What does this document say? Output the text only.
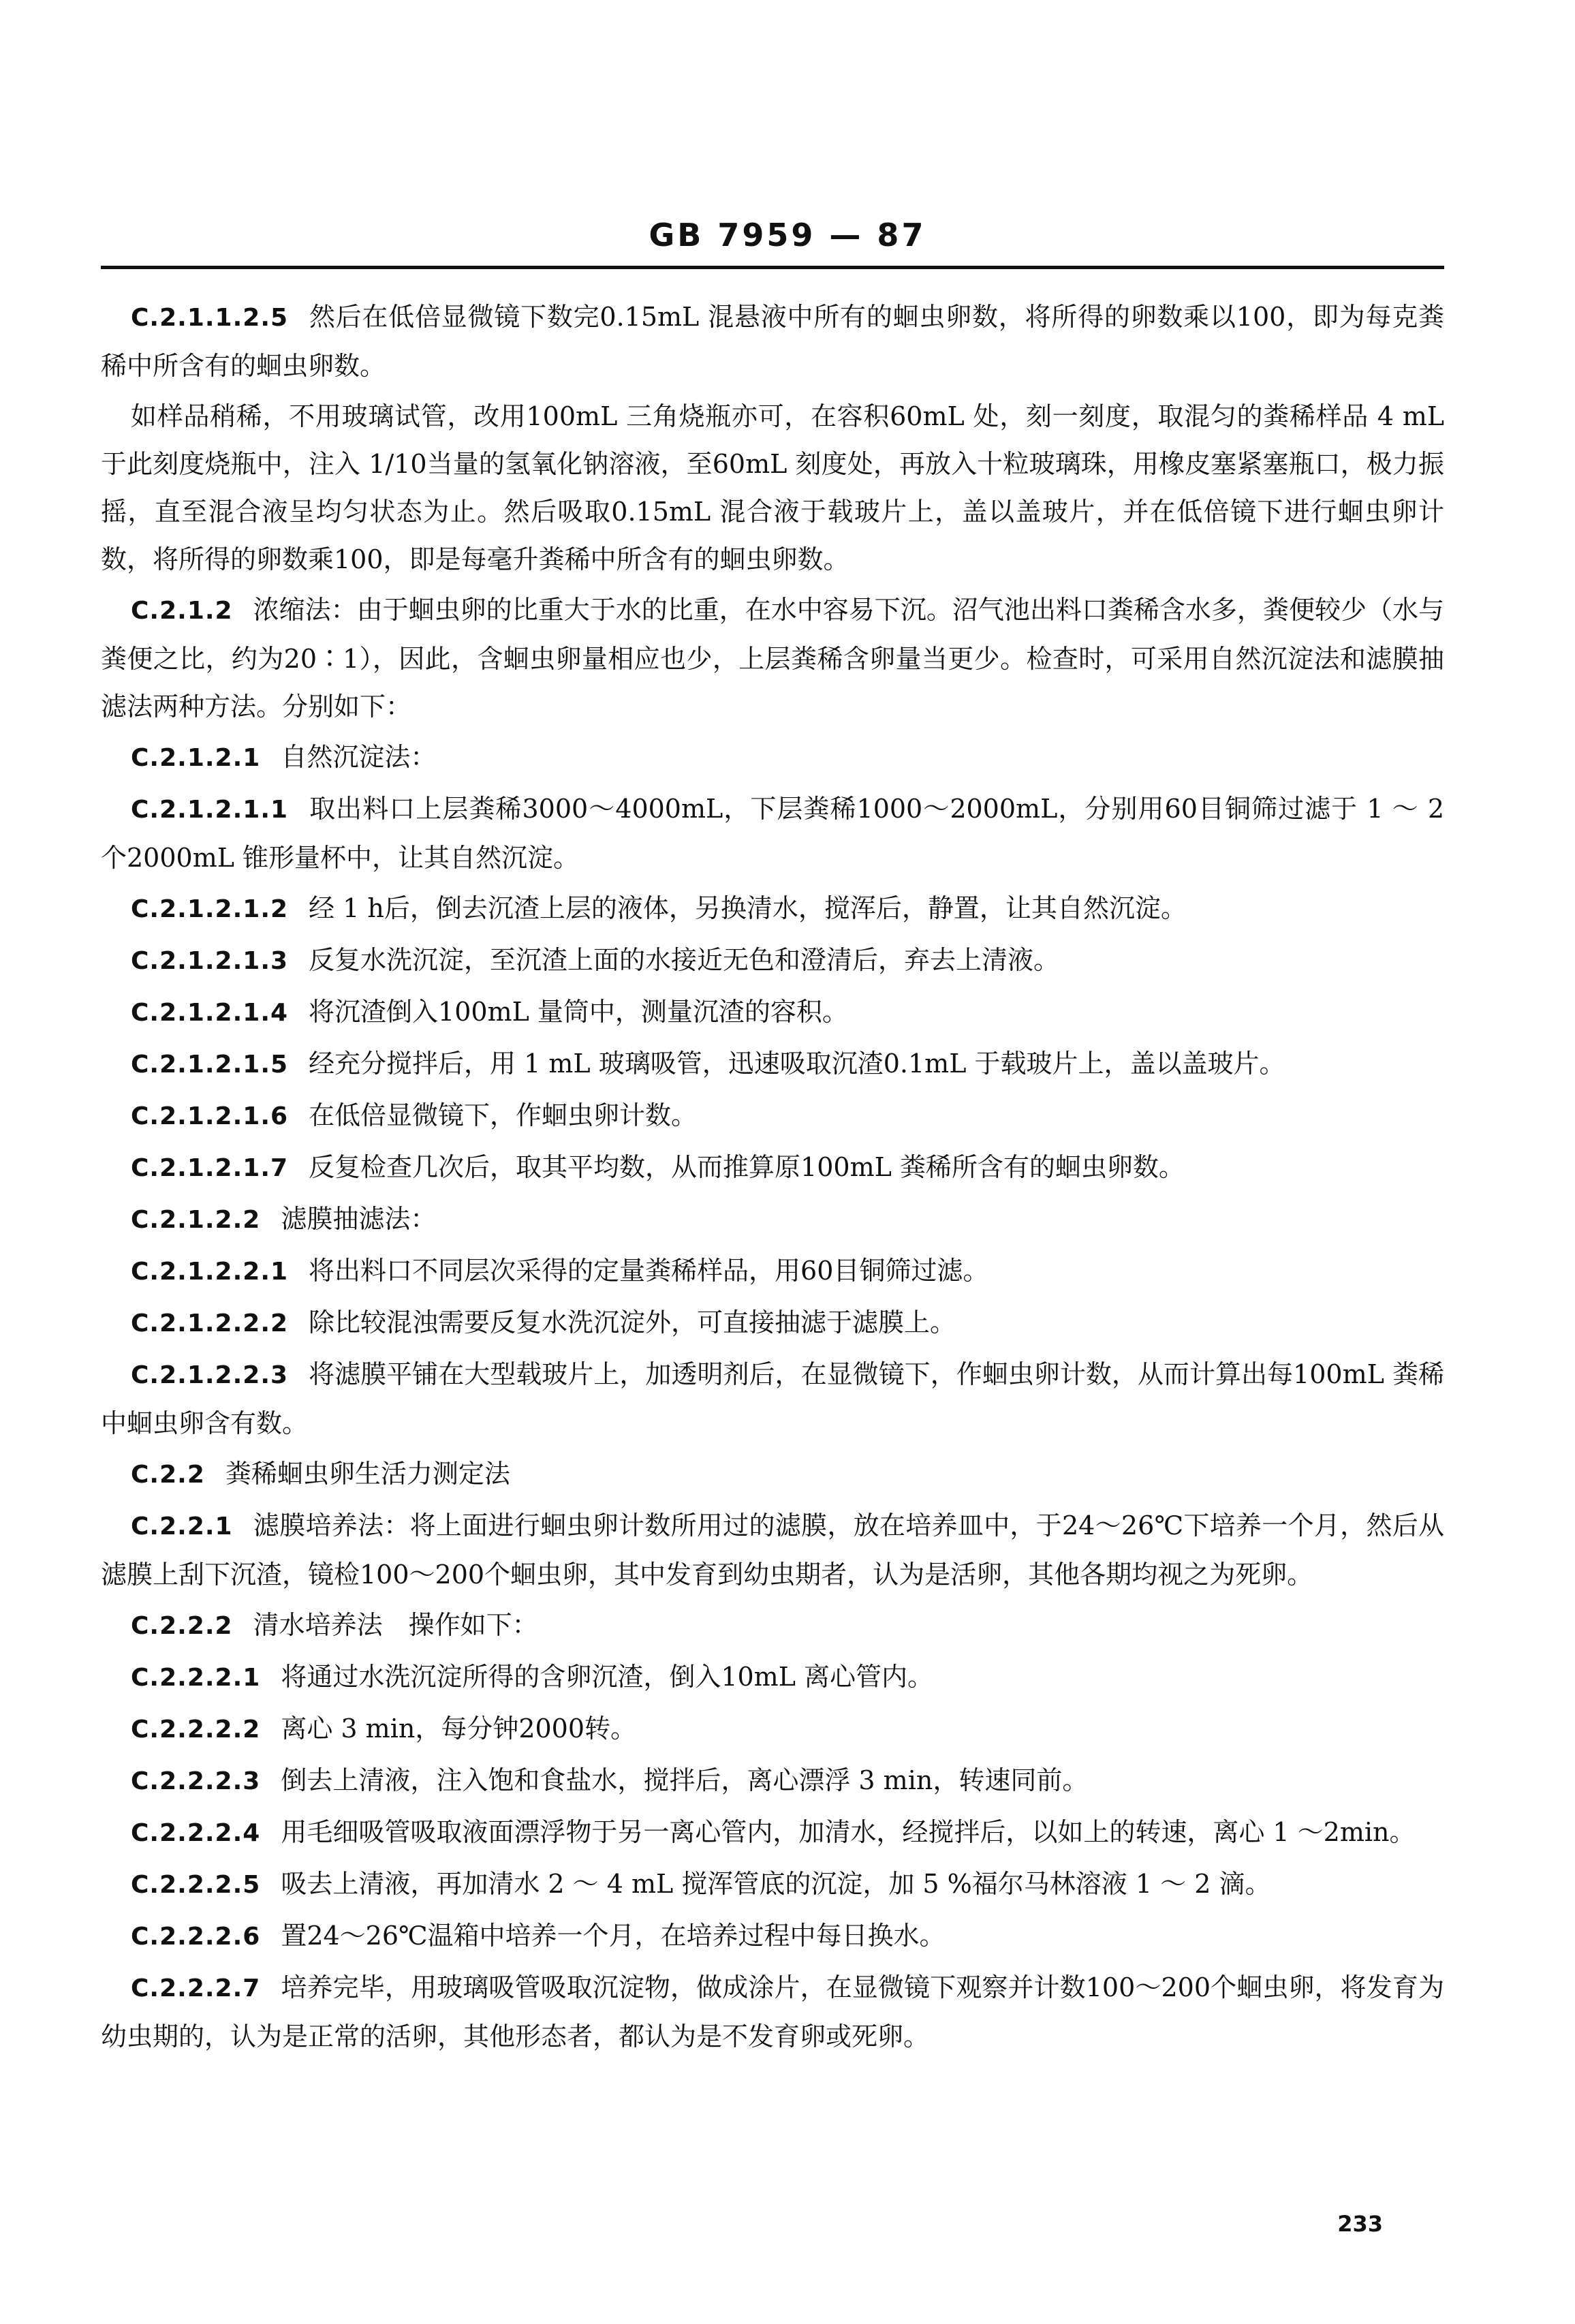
GB 7959 — 87

C.2.1.1.2.5 然后在低倍显微镜下数完0.15mL 混悬液中所有的蛔虫卵数，将所得的卵数乘以100，即为每克粪稀中所含有的蛔虫卵数。

如样品稍稀，不用玻璃试管，改用100mL 三角烧瓶亦可，在容积60mL 处，刻一刻度，取混匀的粪稀样品 4 mL 于此刻度烧瓶中，注入 1/10当量的氢氧化钠溶液，至60mL 刻度处，再放入十粒玻璃珠，用橡皮塞紧塞瓶口，极力振摇，直至混合液呈均匀状态为止。然后吸取0.15mL 混合液于载玻片上，盖以盖玻片，并在低倍镜下进行蛔虫卵计数，将所得的卵数乘100，即是每毫升粪稀中所含有的蛔虫卵数。

C.2.1.2 浓缩法：由于蛔虫卵的比重大于水的比重，在水中容易下沉。沼气池出料口粪稀含水多，粪便较少（水与粪便之比，约为20∶1），因此，含蛔虫卵量相应也少，上层粪稀含卵量当更少。检查时，可采用自然沉淀法和滤膜抽滤法两种方法。分别如下：

C.2.1.2.1 自然沉淀法：

C.2.1.2.1.1 取出料口上层粪稀3000～4000mL，下层粪稀1000～2000mL，分别用60目铜筛过滤于 1 ～ 2 个2000mL 锥形量杯中，让其自然沉淀。

C.2.1.2.1.2 经 1 h后，倒去沉渣上层的液体，另换清水，搅浑后，静置，让其自然沉淀。

C.2.1.2.1.3 反复水洗沉淀，至沉渣上面的水接近无色和澄清后，弃去上清液。

C.2.1.2.1.4 将沉渣倒入100mL 量筒中，测量沉渣的容积。

C.2.1.2.1.5 经充分搅拌后，用 1 mL 玻璃吸管，迅速吸取沉渣0.1mL 于载玻片上，盖以盖玻片。

C.2.1.2.1.6 在低倍显微镜下，作蛔虫卵计数。

C.2.1.2.1.7 反复检查几次后，取其平均数，从而推算原100mL 粪稀所含有的蛔虫卵数。

C.2.1.2.2 滤膜抽滤法：

C.2.1.2.2.1 将出料口不同层次采得的定量粪稀样品，用60目铜筛过滤。

C.2.1.2.2.2 除比较混浊需要反复水洗沉淀外，可直接抽滤于滤膜上。

C.2.1.2.2.3 将滤膜平铺在大型载玻片上，加透明剂后，在显微镜下，作蛔虫卵计数，从而计算出每100mL 粪稀中蛔虫卵含有数。

C.2.2 粪稀蛔虫卵生活力测定法

C.2.2.1 滤膜培养法：将上面进行蛔虫卵计数所用过的滤膜，放在培养皿中，于24～26℃下培养一个月，然后从滤膜上刮下沉渣，镜检100～200个蛔虫卵，其中发育到幼虫期者，认为是活卵，其他各期均视之为死卵。

C.2.2.2 清水培养法　操作如下：

C.2.2.2.1 将通过水洗沉淀所得的含卵沉渣，倒入10mL 离心管内。

C.2.2.2.2 离心 3 min，每分钟2000转。

C.2.2.2.3 倒去上清液，注入饱和食盐水，搅拌后，离心漂浮 3 min，转速同前。

C.2.2.2.4 用毛细吸管吸取液面漂浮物于另一离心管内，加清水，经搅拌后，以如上的转速，离心 1 ～2min。

C.2.2.2.5 吸去上清液，再加清水 2 ～ 4 mL 搅浑管底的沉淀，加 5 %福尔马林溶液 1 ～ 2 滴。

C.2.2.2.6 置24～26℃温箱中培养一个月，在培养过程中每日换水。

C.2.2.2.7 培养完毕，用玻璃吸管吸取沉淀物，做成涂片，在显微镜下观察并计数100～200个蛔虫卵，将发育为幼虫期的，认为是正常的活卵，其他形态者，都认为是不发育卵或死卵。

233
